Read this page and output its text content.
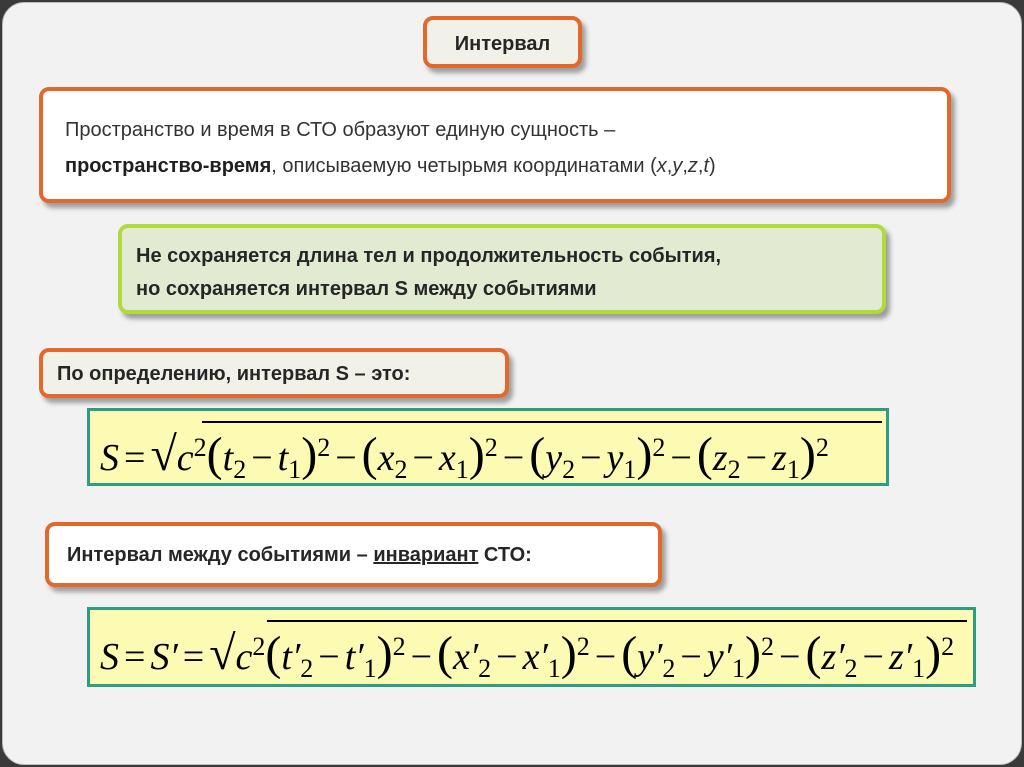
Интервал
Пространство и время в СТО образуют единую сущность –
пространство-время, описываемую четырьмя координатами (x,y,z,t)
Не сохраняется длина тел и продолжительность события,
но сохраняется интервал S между событиями
По определению, интервал S – это:
$S = √c^2(t_2 - t_1)^2 - (x_2 - x_1)^2 - (y_2 - y_1)^2 - (z_2 - z_1)^2$
Интервал между событиями – инвариант СТО:
$S = S' = √c^2(t'_2 - t'_1)^2 - (x'_2 - x'_1)^2 - (y'_2 - y'_1)^2 - (z'_2 - z'_1)^2$
